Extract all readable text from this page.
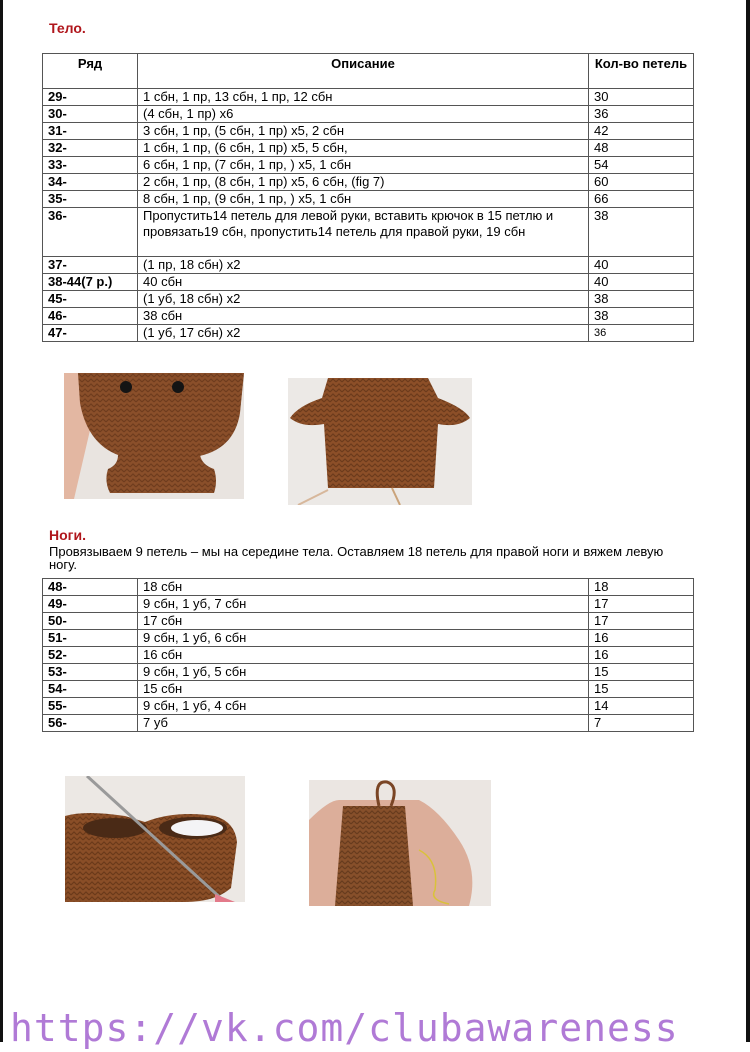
Тело.
Ряд	Описание	Кол-во петель
29-	1 сбн, 1 пр, 13 сбн, 1 пр, 12 сбн	30
30-	(4 сбн, 1 пр) х6	36
31-	3 сбн, 1 пр, (5 сбн, 1 пр) х5, 2 сбн	42
32-	1 сбн, 1 пр, (6 сбн, 1 пр) х5, 5 сбн,	48
33-	6 сбн, 1 пр, (7 сбн, 1 пр, ) х5, 1 сбн	54
34-	2 сбн, 1 пр, (8 сбн, 1 пр) х5, 6 сбн, (fig 7)	60
35-	8 сбн, 1 пр, (9 сбн, 1 пр, ) х5, 1 сбн	66
36-	Пропустить14 петель для левой руки, вставить крючок в 15 петлю и провязать19 сбн, пропустить14 петель для правой руки, 19 сбн	38
37-	(1 пр, 18 сбн) х2	40
38-44(7 р.)	40 сбн	40
45-	(1 уб, 18 сбн) х2	38
46-	38 сбн	38
47-	(1 уб, 17 сбн) х2	36
Ноги.
Провязываем 9 петель – мы на середине тела. Оставляем 18 петель для правой ноги и вяжем левую ногу.
48-	18 сбн	18
49-	9 сбн, 1 уб, 7 сбн	17
50-	17 сбн	17
51-	9 сбн, 1 уб, 6 сбн	16
52-	16 сбн	16
53-	9 сбн, 1 уб, 5 сбн	15
54-	15 сбн	15
55-	9 сбн, 1 уб, 4 сбн	14
56-	7 уб	7
https://vk.com/clubawareness
